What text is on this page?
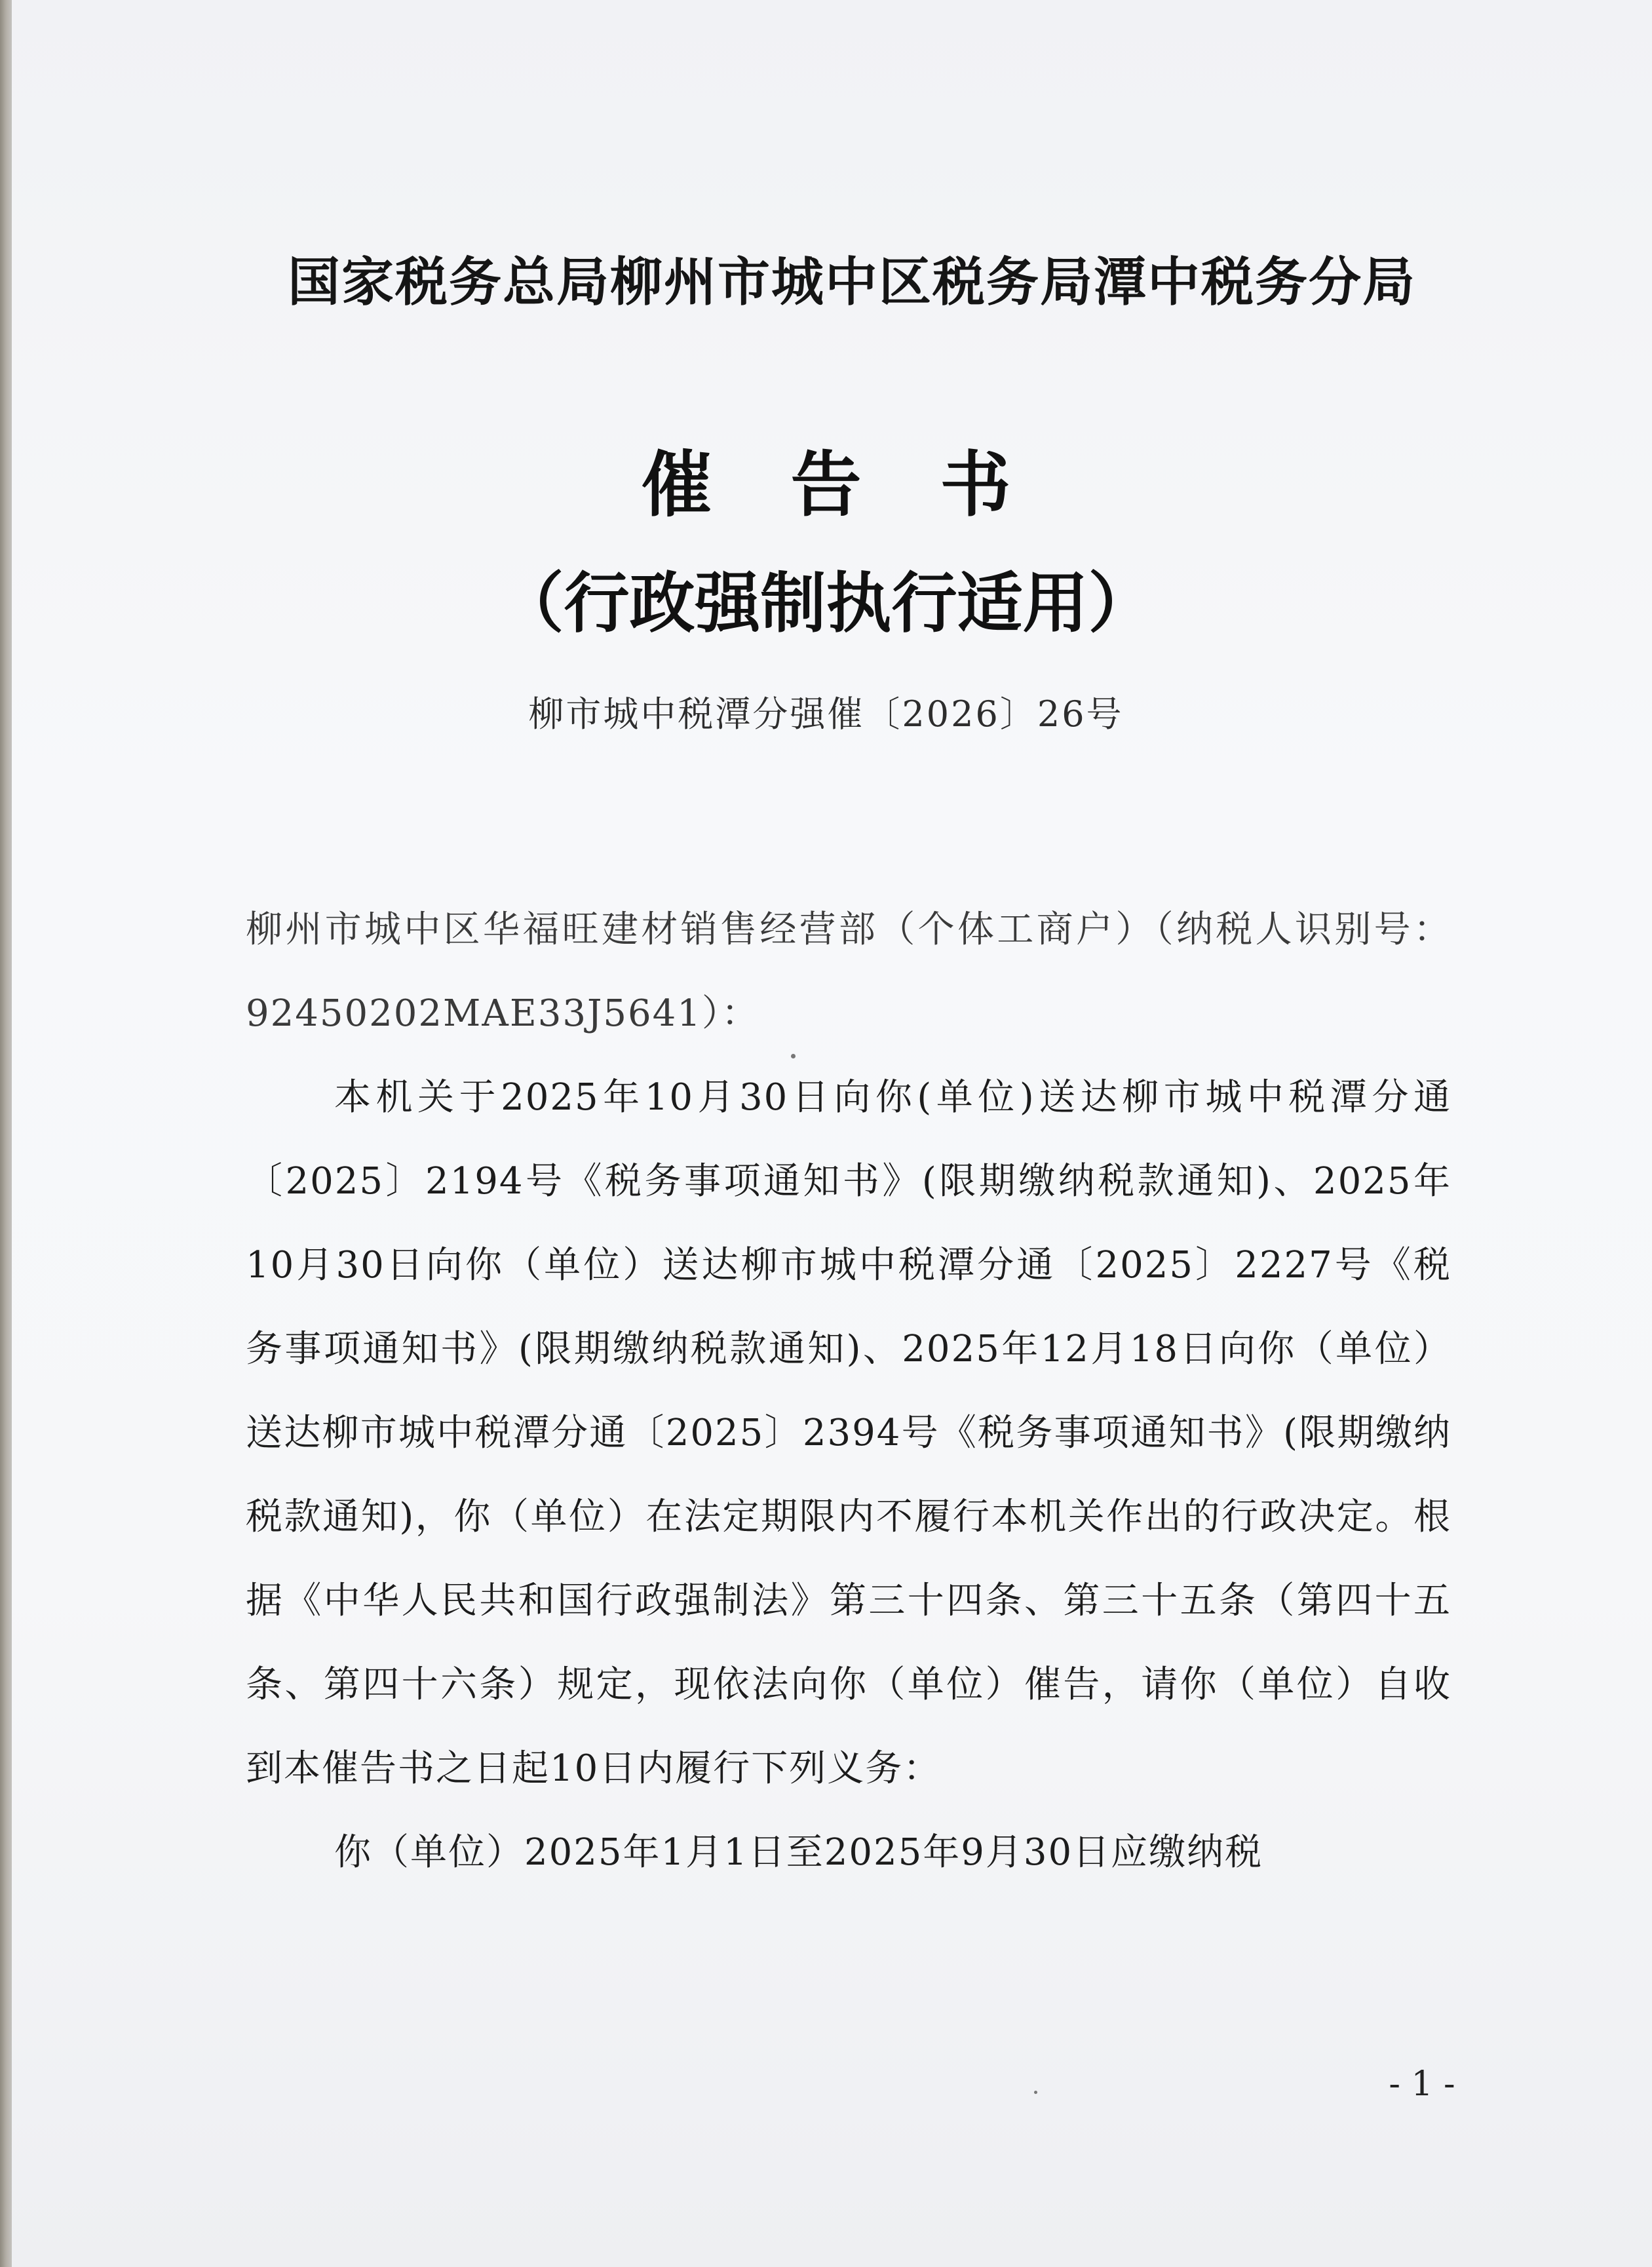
国家税务总局柳州市城中区税务局潭中税务分局
催告书
（行政强制执行适用）
柳市城中税潭分强催〔2026〕26号

柳州市城中区华福旺建材销售经营部（个体工商户）（纳税人识别号：92450202MAE33J5641）：

本机关于2025年10月30日向你(单位)送达柳市城中税潭分通〔2025〕2194号《税务事项通知书》(限期缴纳税款通知)、2025年10月30日向你（单位）送达柳市城中税潭分通〔2025〕2227号《税务事项通知书》(限期缴纳税款通知)、2025年12月18日向你（单位）送达柳市城中税潭分通〔2025〕2394号《税务事项通知书》(限期缴纳税款通知)，你（单位）在法定期限内不履行本机关作出的行政决定。根据《中华人民共和国行政强制法》第三十四条、第三十五条（第四十五条、第四十六条）规定，现依法向你（单位）催告，请你（单位）自收到本催告书之日起10日内履行下列义务：

你（单位）2025年1月1日至2025年9月30日应缴纳税

- 1 -
